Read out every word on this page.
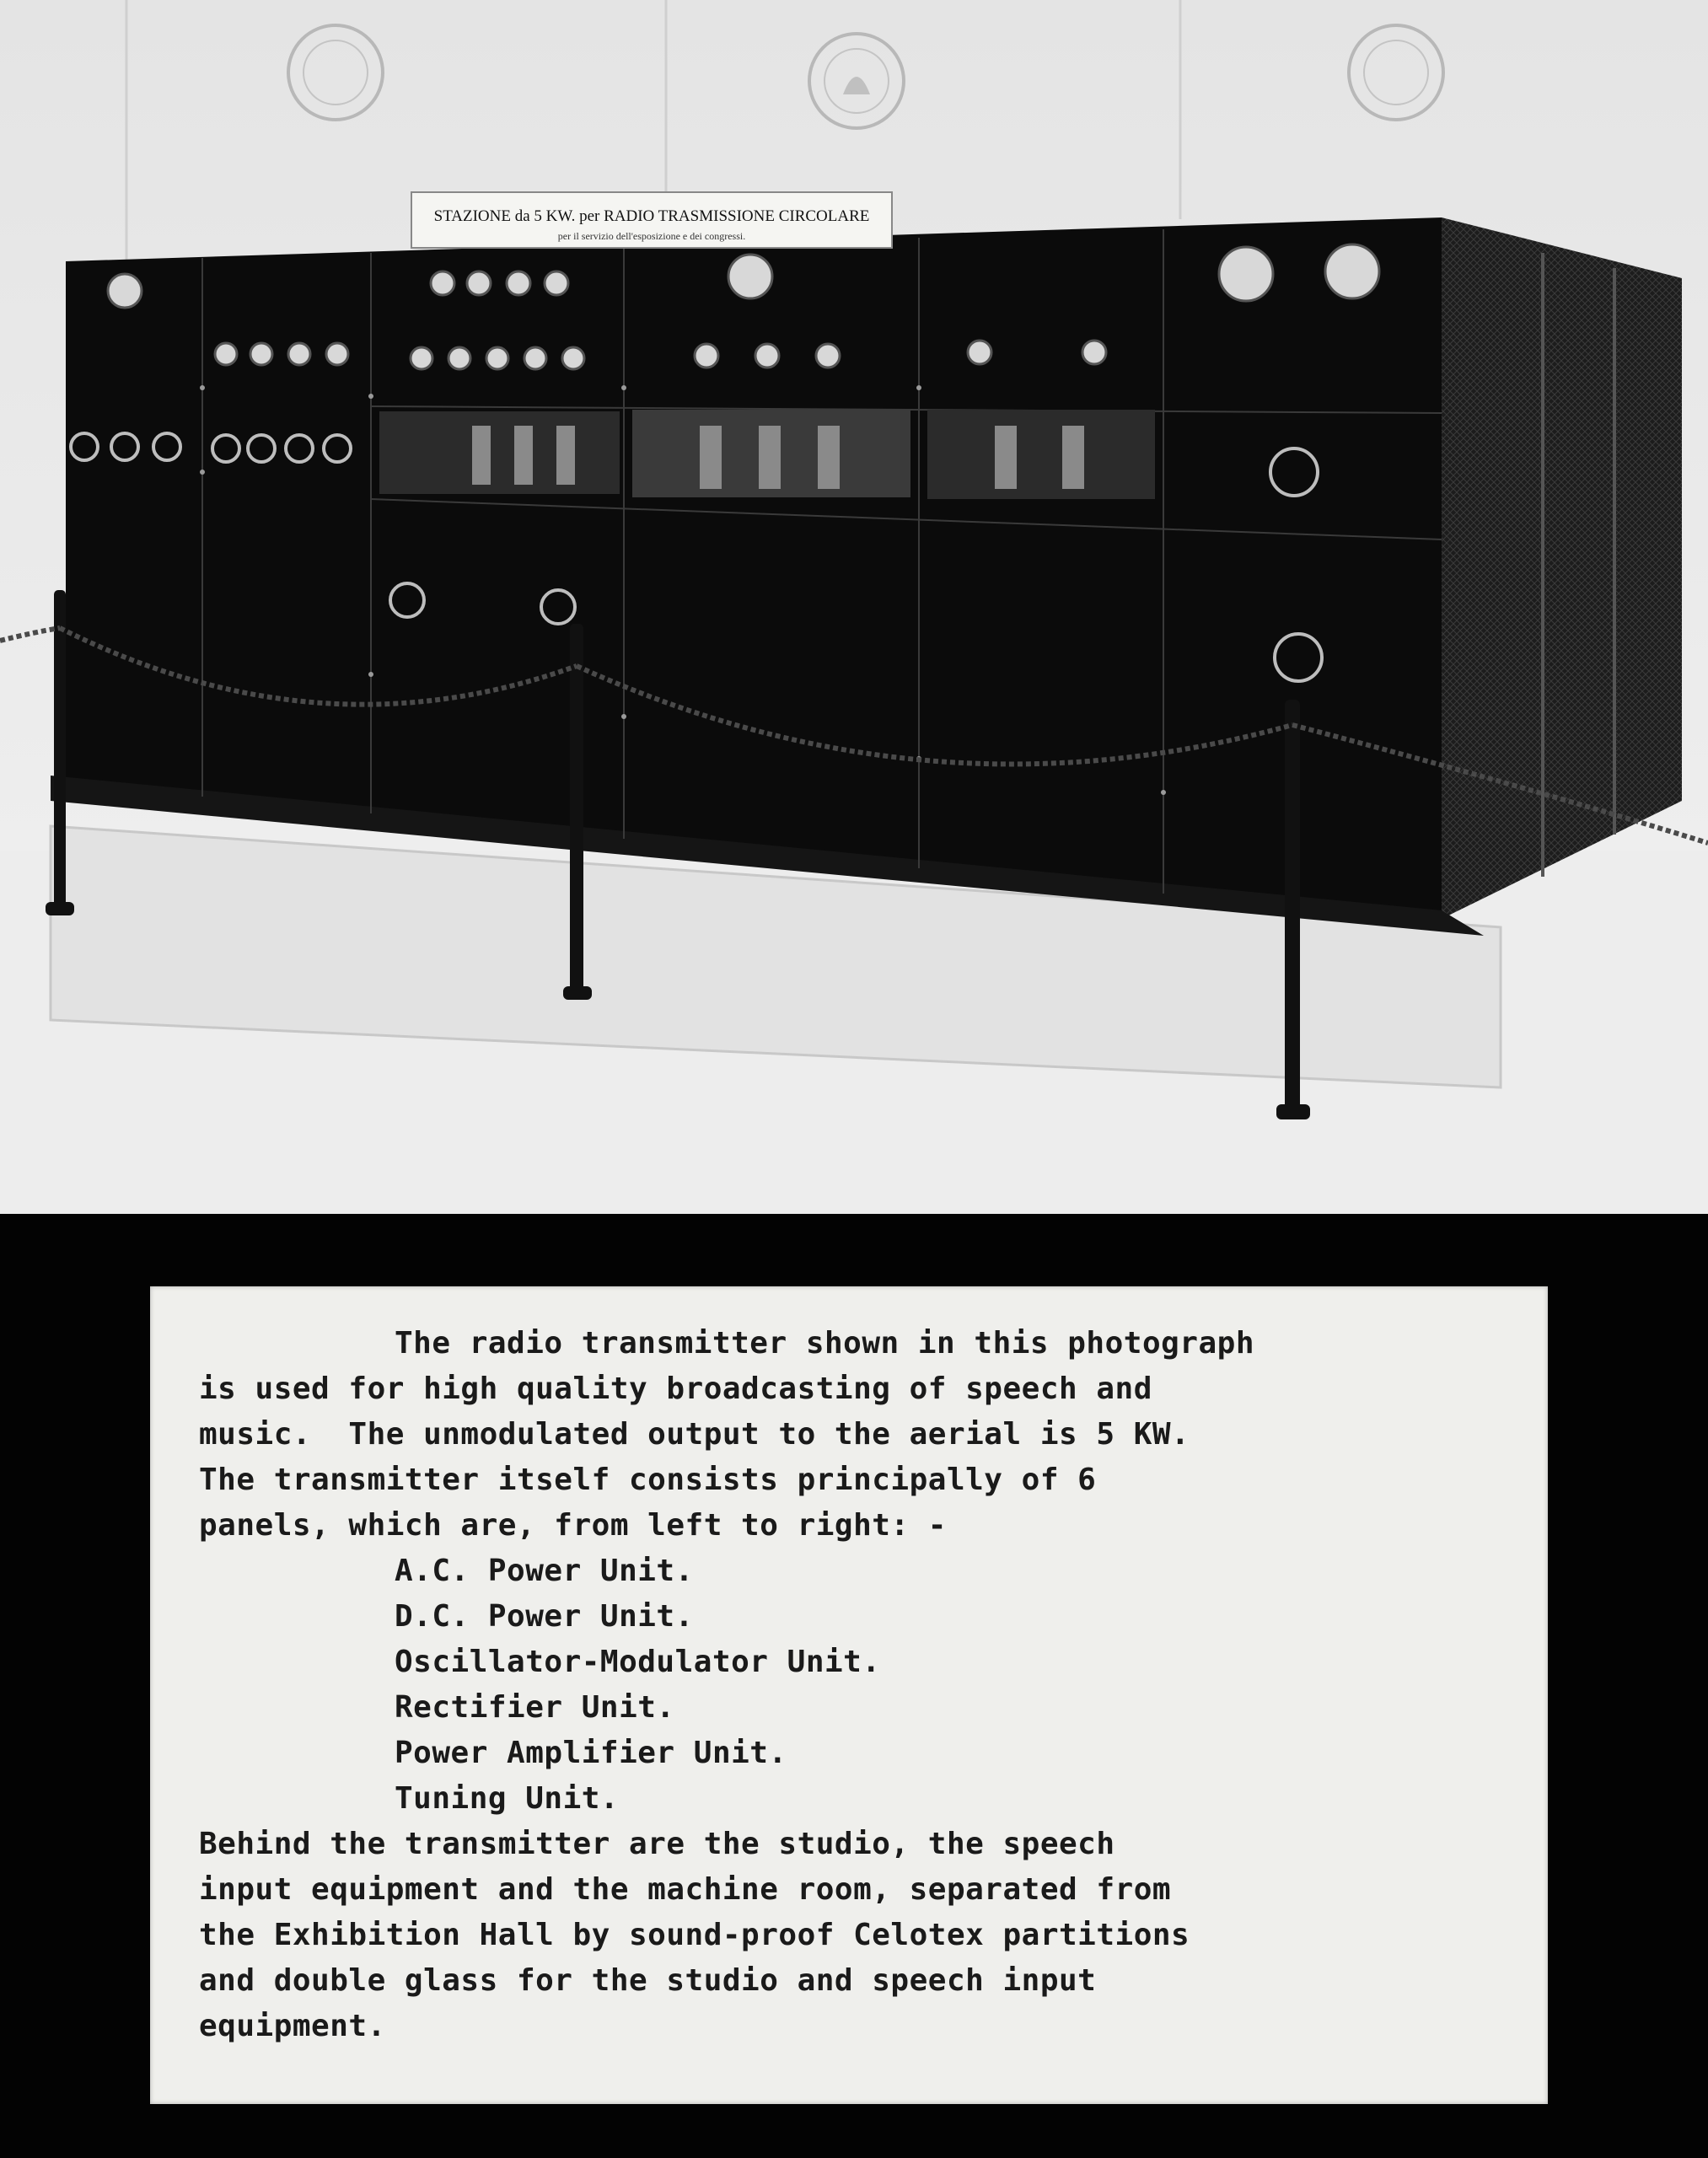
STAZIONE da 5 KW. per RADIO TRASMISSIONE CIRCOLARE
per il servizio dell'esposizione e dei congressi.
The radio transmitter shown in this photograph
is used for high quality broadcasting of speech and
music.  The unmodulated output to the aerial is 5 KW.
The transmitter itself consists principally of 6
panels, which are, from left to right: -
A.C. Power Unit.
D.C. Power Unit.
Oscillator-Modulator Unit.
Rectifier Unit.
Power Amplifier Unit.
Tuning Unit.
Behind the transmitter are the studio, the speech
input equipment and the machine room, separated from
the Exhibition Hall by sound-proof Celotex partitions
and double glass for the studio and speech input
equipment.
